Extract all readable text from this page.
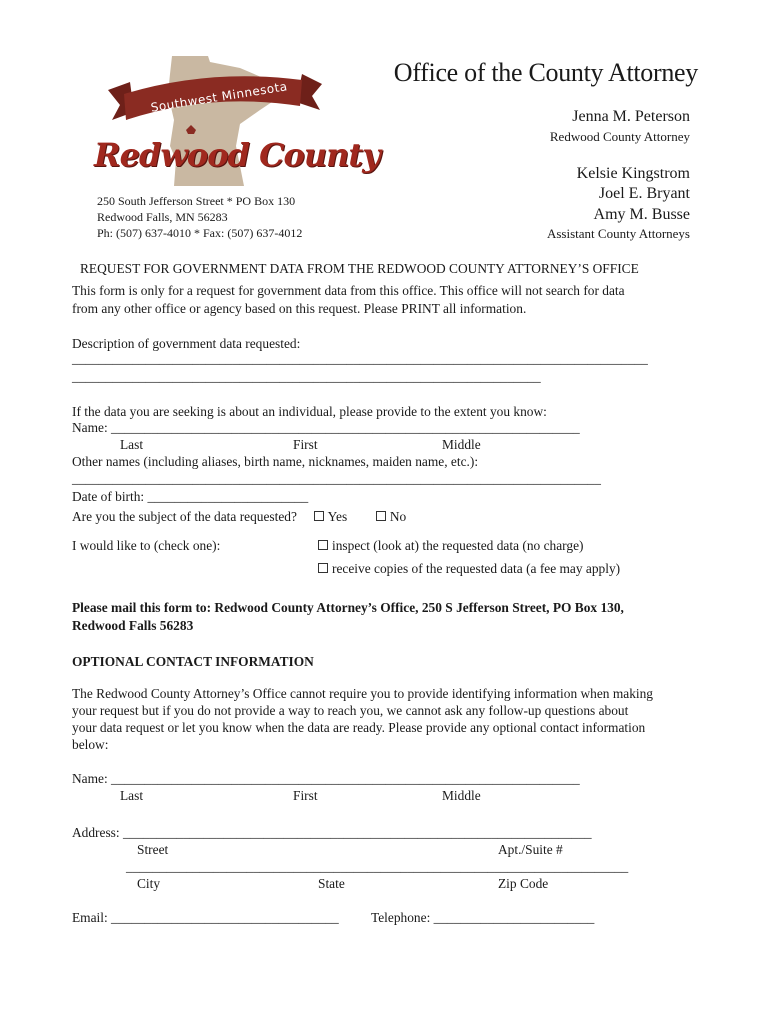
Southwest Minnesota
Redwood County
250 South Jefferson Street * PO Box 130
Redwood Falls, MN 56283
Ph: (507) 637-4010 * Fax: (507) 637-4012
Office of the County Attorney
Jenna M. Peterson
Redwood County Attorney
Kelsie Kingstrom
Joel E. Bryant
Amy M. Busse
Assistant County Attorneys
REQUEST FOR GOVERNMENT DATA FROM THE REDWOOD COUNTY ATTORNEY’S OFFICE
This form is only for a request for government data from this office. This office will not search for data
from any other office or agency based on this request. Please PRINT all information.
Description of government data requested:
______________________________________________________________________________________
______________________________________________________________________
If the data you are seeking is about an individual, please provide to the extent you know:
Name: ______________________________________________________________________
Last	First	Middle
Other names (including aliases, birth name, nicknames, maiden name, etc.):
_______________________________________________________________________________
Date of birth: ________________________
Are you the subject of the data requested? Yes	No
I would like to (check one):	inspect (look at) the requested data (no charge)
receive copies of the requested data (a fee may apply)
Please mail this form to: Redwood County Attorney’s Office, 250 S Jefferson Street, PO Box 130,
Redwood Falls 56283
OPTIONAL CONTACT INFORMATION
The Redwood County Attorney’s Office cannot require you to provide identifying information when making
your request but if you do not provide a way to reach you, we cannot ask any follow-up questions about
your data request or let you know when the data are ready. Please provide any optional contact information
below:
Name: ______________________________________________________________________
Last	First	Middle
Address: ______________________________________________________________________
Street	Apt./Suite #
___________________________________________________________________________
City	State	Zip Code
Email: __________________________________ Telephone: ________________________
